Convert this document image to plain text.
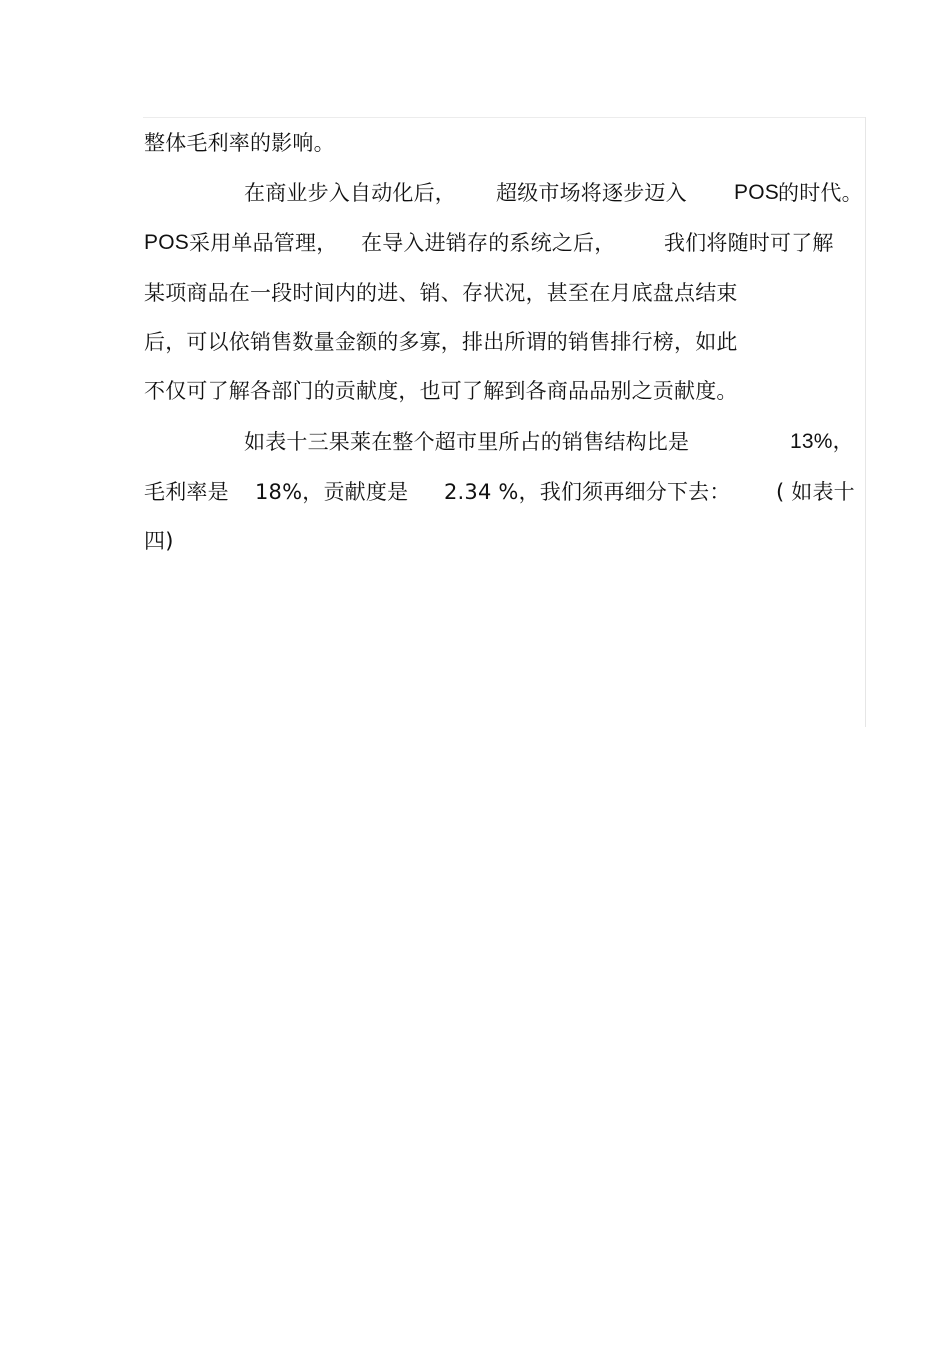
整体毛利率的影响。
在商业步入自动化后， 超级市场将逐步迈入 POS 的时代。
POS 采用单品管理， 在导入进销存的系统之后， 我们将随时可了解
某项商品在一段时间内的进、销、存状况，甚至在月底盘点结束
后，可以依销售数量金额的多寡，排出所谓的销售排行榜，如此
不仅可了解各部门的贡献度，也可了解到各商品品别之贡献度。
如表十三果莱在整个超市里所占的销售结构比是	13%，
毛利率是 18%，贡献度是 2.34 %，我们须再细分下去： ( 如表十
四)
